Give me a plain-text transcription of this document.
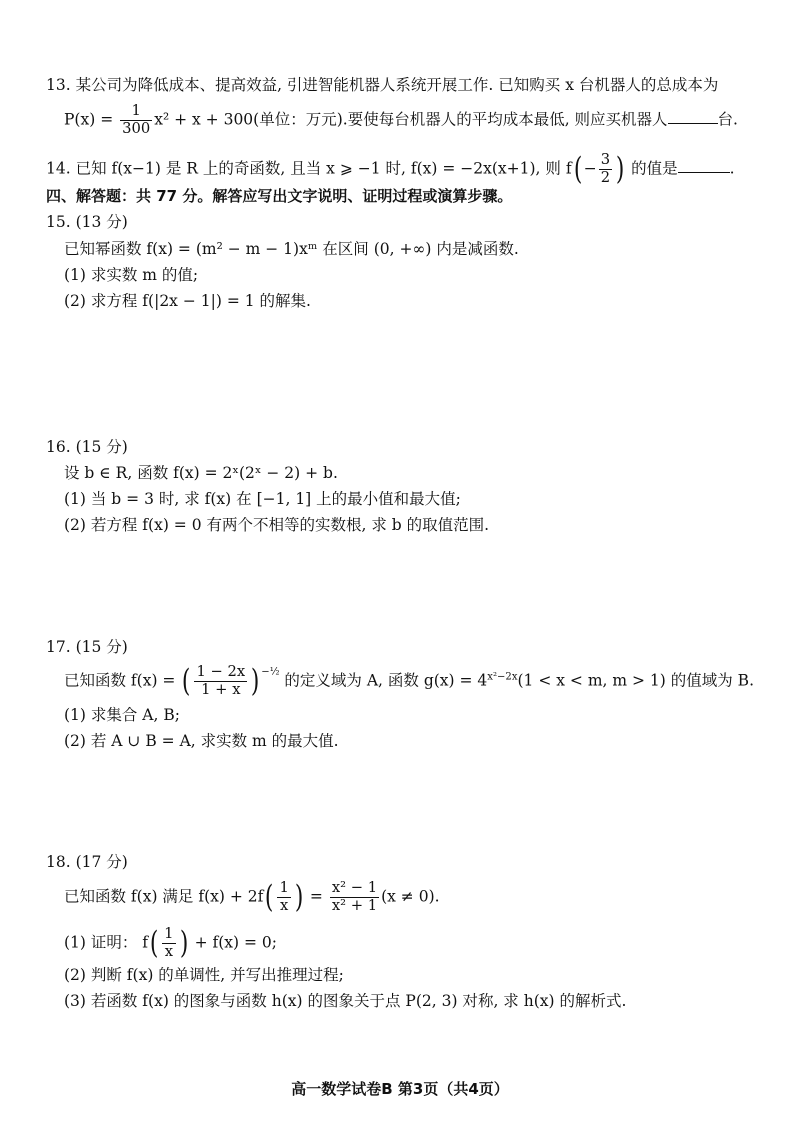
13. 某公司为降低成本、提高效益, 引进智能机器人系统开展工作. 已知购买 x 台机器人的总成本为
$P(x) = \frac{1}{300} x^2 + x + 300$(单位：万元).要使每台机器人的平均成本最低, 则应买机器人	台.
14. 已知 f(x−1) 是 R 上的奇函数, 且当 x ⩾ −1 时, f(x) = −2x(x+1), 则 $f( - \frac{3}{2}$ ) 的值是	.
四、解答题：共 77 分。解答应写出文字说明、证明过程或演算步骤。
15. (13 分)
已知幂函数 f(x) = (m² − m − 1)xᵐ 在区间 (0, +∞) 内是减函数.
(1) 求实数 m 的值;
(2) 求方程 f(|2x − 1|) = 1 的解集.
16. (15 分)
设 b ∈ R, 函数 f(x) = 2ˣ(2ˣ − 2) + b.
(1) 当 b = 3 时, 求 f(x) 在 [−1, 1] 上的最小值和最大值;
(2) 若方程 f(x) = 0 有两个不相等的实数根, 求 b 的取值范围.
17. (15 分)
已知函数 f(x) = ( $\frac{1 - 2x}{1 + x}$ ) $^{-\frac{1}{2}}$ 的定义域为 A, 函数 $g(x) = 4^{x^2-2x}(1 < x < m$, m > 1) 的值域为 B.
(1) 求集合 A, B;
(2) 若 A ∪ B = A, 求实数 m 的最大值.
18. (17 分)
已知函数 f(x) 满足 $f(x) + 2f( \frac{1}{x}$ ) = $\frac{\text{x² − 1}}{\text{x² + 1}} (x \ne 0)$.
(1) 证明： $f( \frac{1}{x}$ ) + f(x) = 0;
(2) 判断 f(x) 的单调性, 并写出推理过程;
(3) 若函数 f(x) 的图象与函数 h(x) 的图象关于点 P(2, 3) 对称, 求 h(x) 的解析式.
高一数学试卷B 第3页（共4页）
